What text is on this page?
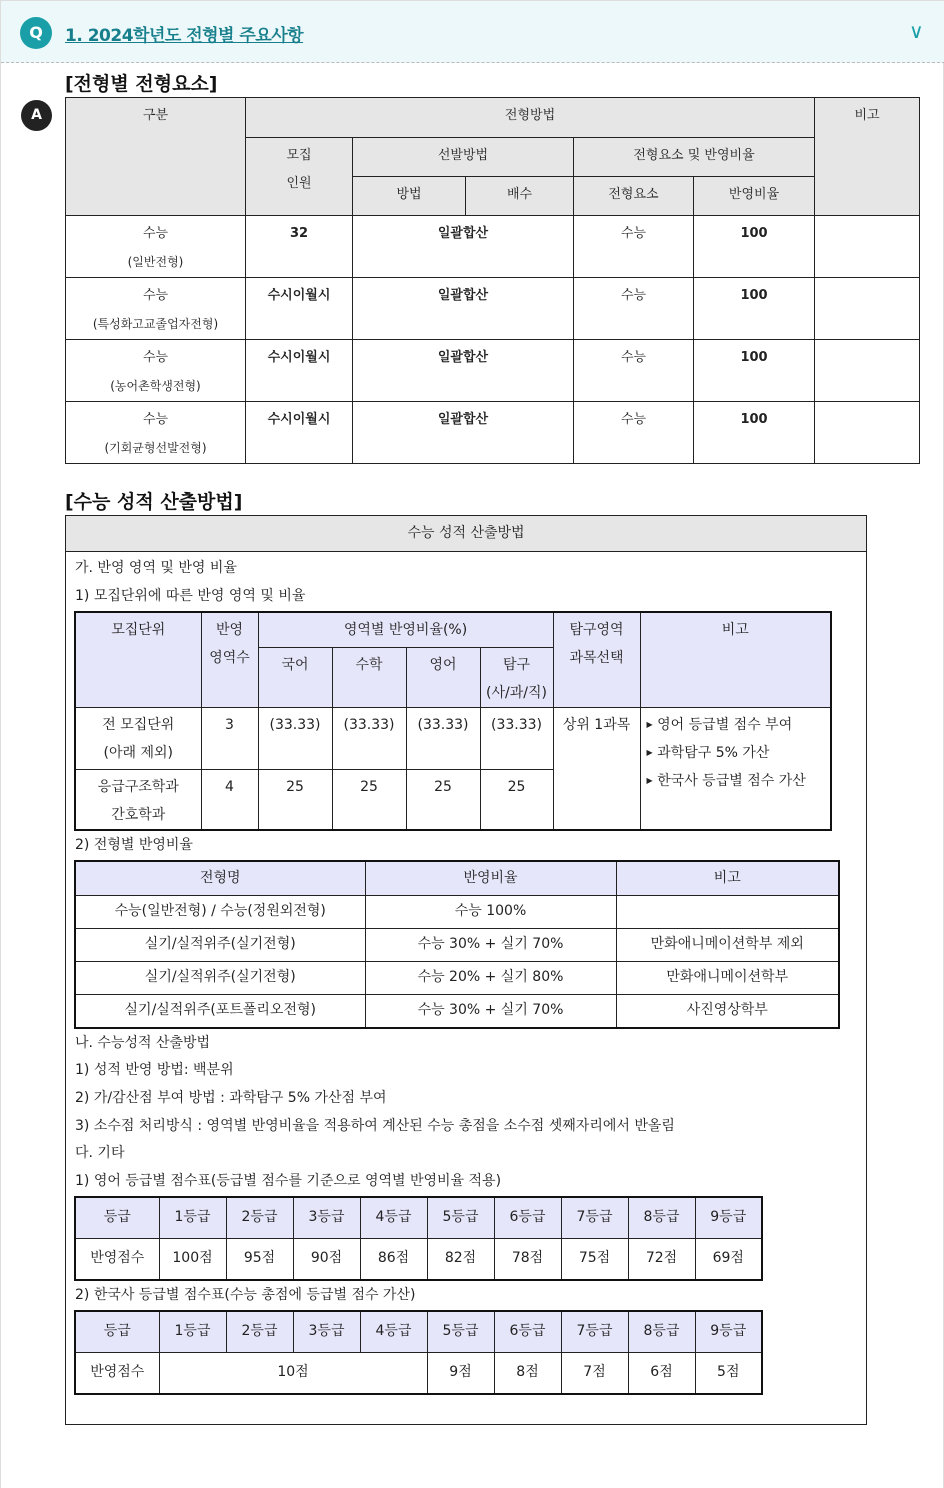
Q	1. 2024학년도 전형별 주요사항	∨
A
[전형별 전형요소]
구분	전형방법					비고
	모집
인원	선발방법		전형요소 및 반영비율		
		방법	배수	전형요소	반영비율	
수능
(일반전형)	32	일괄합산		수능	100	
수능
(특성화고교졸업자전형)	수시이월시	일괄합산		수능	100	
수능
(농어촌학생전형)	수시이월시	일괄합산		수능	100	
수능
(기회균형선발전형)	수시이월시	일괄합산		수능	100	
[수능 성적 산출방법]
수능 성적 산출방법
가. 반영 영역 및 반영 비율
1) 모집단위에 따른 반영 영역 및 비율
모집단위	반영
영역수	영역별 반영비율(%)				탐구영역
과목선택	비고
		국어	수학	영어	탐구
(사/과/직)		
전 모집단위
(아래 제외)	3	(33.33)	(33.33)	(33.33)	(33.33)	상위 1과목	▶ 영어 등급별 점수 부여
▶ 과학탐구 5% 가산
▶ 한국사 등급별 점수 가산
응급구조학과
간호학과	4	25	25	25	25		
2) 전형별 반영비율
전형명	반영비율	비고
수능(일반전형) / 수능(정원외전형)	수능 100%	
실기/실적위주(실기전형)	수능 30% + 실기 70%	만화애니메이션학부 제외
실기/실적위주(실기전형)	수능 20% + 실기 80%	만화애니메이션학부
실기/실적위주(포트폴리오전형)	수능 30% + 실기 70%	사진영상학부
나. 수능성적 산출방법
1) 성적 반영 방법: 백분위
2) 가/감산점 부여 방법 : 과학탐구 5% 가산점 부여
3) 소수점 처리방식 : 영역별 반영비율을 적용하여 계산된 수능 총점을 소수점 셋째자리에서 반올림
다. 기타
1) 영어 등급별 점수표(등급별 점수를 기준으로 영역별 반영비율 적용)
등급	1등급	2등급	3등급	4등급	5등급	6등급	7등급	8등급	9등급
반영점수	100점	95점	90점	86점	82점	78점	75점	72점	69점
2) 한국사 등급별 점수표(수능 총점에 등급별 점수 가산)
등급	1등급	2등급	3등급	4등급	5등급	6등급	7등급	8등급	9등급
반영점수	10점				9점	8점	7점	6점	5점
